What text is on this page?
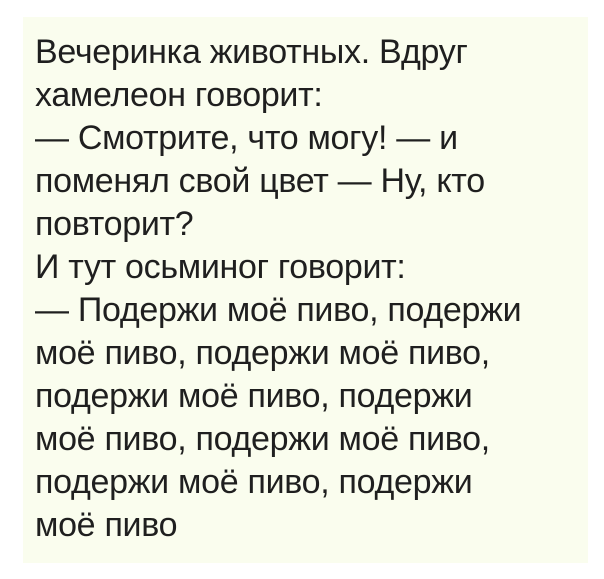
Вечеринка животных. Вдруг
хамелеон говорит:
— Смотрите, что могу! — и
поменял свой цвет — Ну, кто
повторит?
И тут осьминог говорит:
— Подержи моё пиво, подержи
моё пиво, подержи моё пиво,
подержи моё пиво, подержи
моё пиво, подержи моё пиво,
подержи моё пиво, подержи
моё пиво
